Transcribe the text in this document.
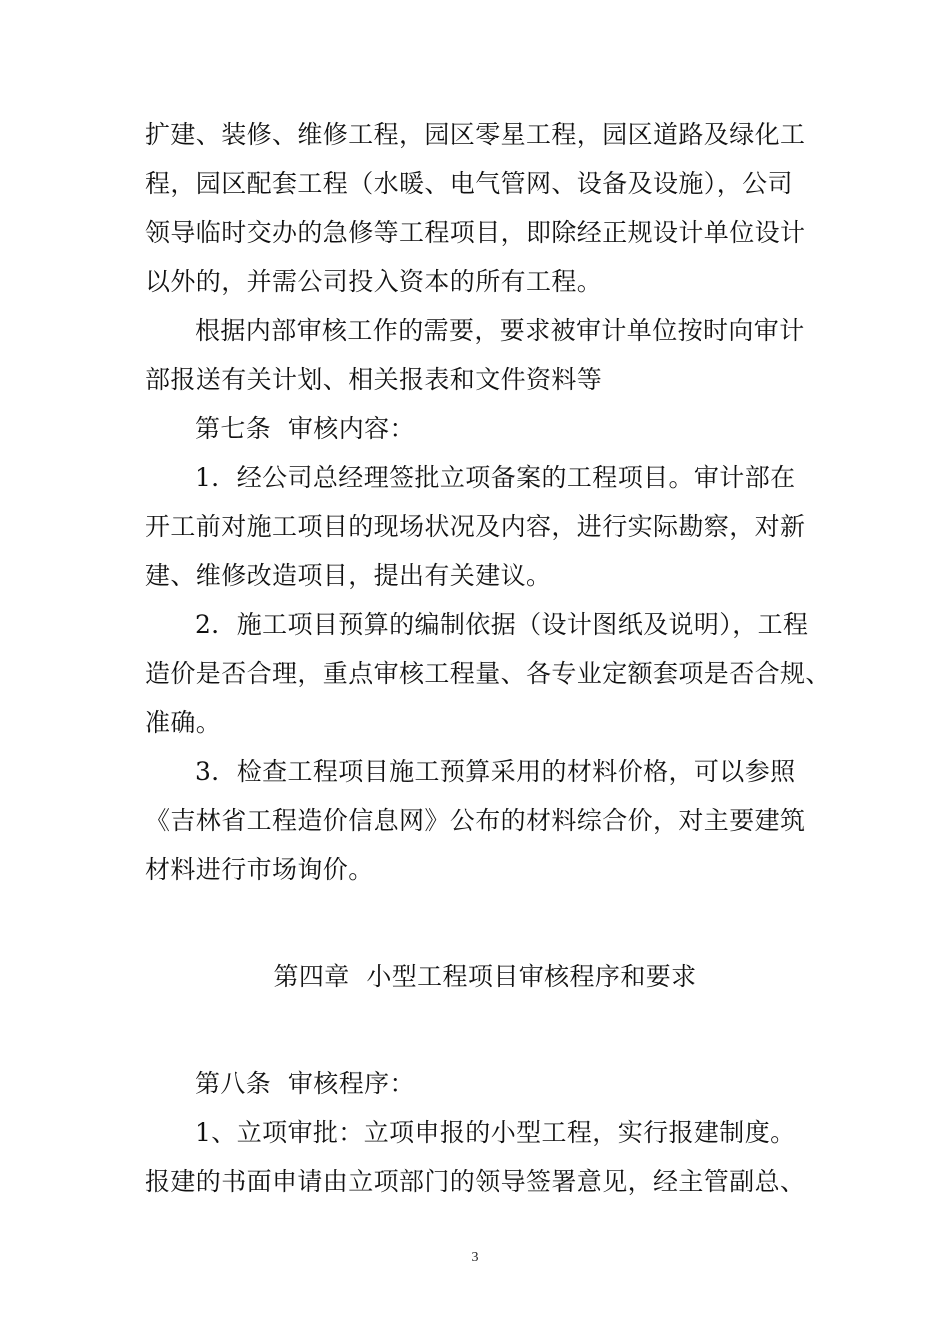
扩建、装修、维修工程，园区零星工程，园区道路及绿化工

程，园区配套工程（水暖、电气管网、设备及设施），公司

领导临时交办的急修等工程项目，即除经正规设计单位设计

以外的，并需公司投入资本的所有工程。

根据内部审核工作的需要，要求被审计单位按时向审计

部报送有关计划、相关报表和文件资料等

第七条  审核内容：

1．经公司总经理签批立项备案的工程项目。审计部在

开工前对施工项目的现场状况及内容，进行实际勘察，对新

建、维修改造项目，提出有关建议。

2．施工项目预算的编制依据（设计图纸及说明），工程

造价是否合理，重点审核工程量、各专业定额套项是否合规、

准确。

3．检查工程项目施工预算采用的材料价格，可以参照

《吉林省工程造价信息网》公布的材料综合价，对主要建筑

材料进行市场询价。

第四章  小型工程项目审核程序和要求

第八条  审核程序：

1、立项审批：立项申报的小型工程，实行报建制度。

报建的书面申请由立项部门的领导签署意见，经主管副总、

3
